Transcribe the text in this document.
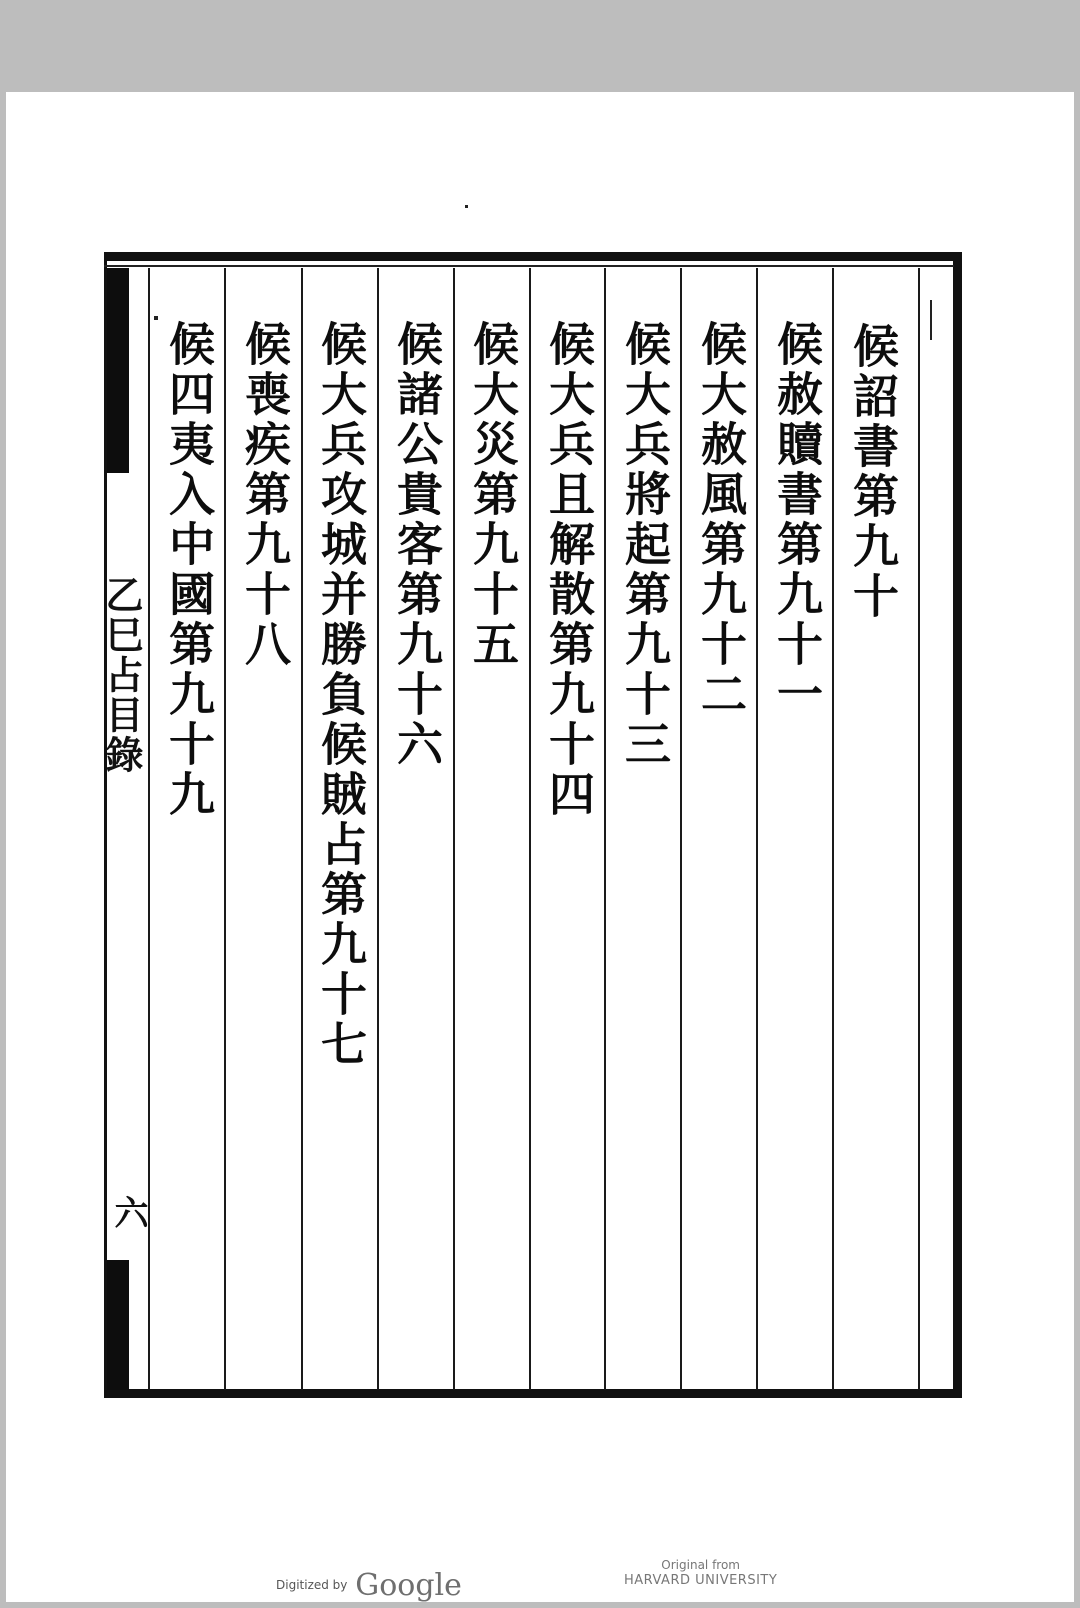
乙巳占目錄
六
候詔書第九十
候赦贖書第九十一
候大赦風第九十二
候大兵將起第九十三
候大兵且解散第九十四
候大災第九十五
候諸公貴客第九十六
候大兵攻城并勝負候賊占第九十七
候喪疾第九十八
候四夷入中國第九十九
Digitized by Google
Original from
HARVARD UNIVERSITY
